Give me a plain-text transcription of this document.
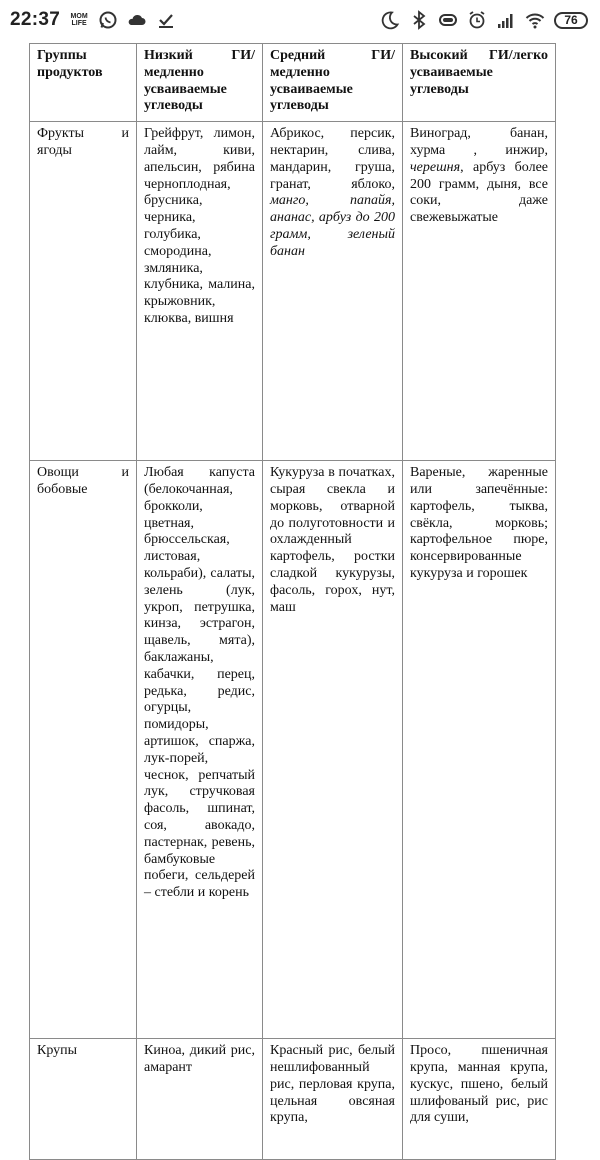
22:37 MOM LIFE	76
Группы продуктов	Низкий ГИ/ медленно усваиваемые углеводы	Средний ГИ/ медленно усваиваемые углеводы	Высокий ГИ/легко усваиваемые углеводы
Фрукты и ягоды	Грейфрут, лимон, лайм, киви, апельсин, рябина черноплодная, брусника, черника, голубика, смородина, змляника, клубника, малина, крыжовник, клюква, вишня	Абрикос, персик, нектарин, слива, мандарин, груша, гранат, яблоко, манго, папайя, ананас, арбуз до 200 грамм, зеленый банан	Виноград, банан, хурма , инжир, черешня, арбуз более 200 грамм, дыня, все соки, даже свежевыжатые
Овощи и бобовые	Любая капуста (белокочанная, брокколи, цветная, брюссельская, листовая, кольраби), салаты, зелень (лук, укроп, петрушка, кинза, эстрагон, щавель, мята), баклажаны, кабачки, перец, редька, редис, огурцы, помидоры, артишок, спаржа, лук-порей, чеснок, репчатый лук, стручковая фасоль, шпинат, соя, авокадо, пастернак, ревень, бамбуковые побеги, сельдерей – стебли и корень	Кукуруза в початках, сырая свекла и морковь, отварной до полуготовности и охлажденный картофель, ростки сладкой кукурузы, фасоль, горох, нут, маш	Вареные, жаренные или запечённые: картофель, тыква, свёкла, морковь; картофельное пюре, консервированные кукуруза и горошек
Крупы	Киноа, дикий рис, амарант	Красный рис, белый нешлифованный рис, перловая крупа, цельная овсяная крупа,	Просо, пшеничная крупа, манная крупа, кускус, пшено, белый шлифованый рис, рис для суши,
